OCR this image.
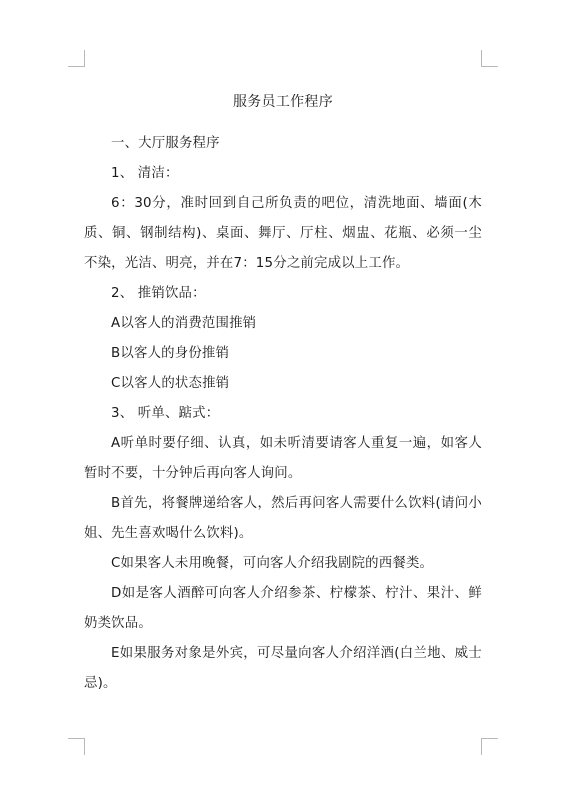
服务员工作程序

一、大厅服务程序

1、 清洁：

6：30分，准时回到自己所负责的吧位，清洗地面、墙面(木质、铜、钢制结构)、桌面、舞厅、厅柱、烟盅、花瓶、必须一尘不染，光洁、明亮，并在7：15分之前完成以上工作。

2、 推销饮品：

A以客人的消费范围推销

B以客人的身份推销

C以客人的状态推销

3、 听单、踮式：

A听单时要仔细、认真，如未听清要请客人重复一遍，如客人暂时不要，十分钟后再向客人询问。

B首先，将餐牌递给客人，然后再问客人需要什么饮料(请问小姐、先生喜欢喝什么饮料)。

C如果客人未用晚餐，可向客人介绍我剧院的西餐类。

D如是客人酒醉可向客人介绍参茶、柠檬茶、柠汁、果汁、鲜奶类饮品。

E如果服务对象是外宾，可尽量向客人介绍洋酒(白兰地、威士忌)。
